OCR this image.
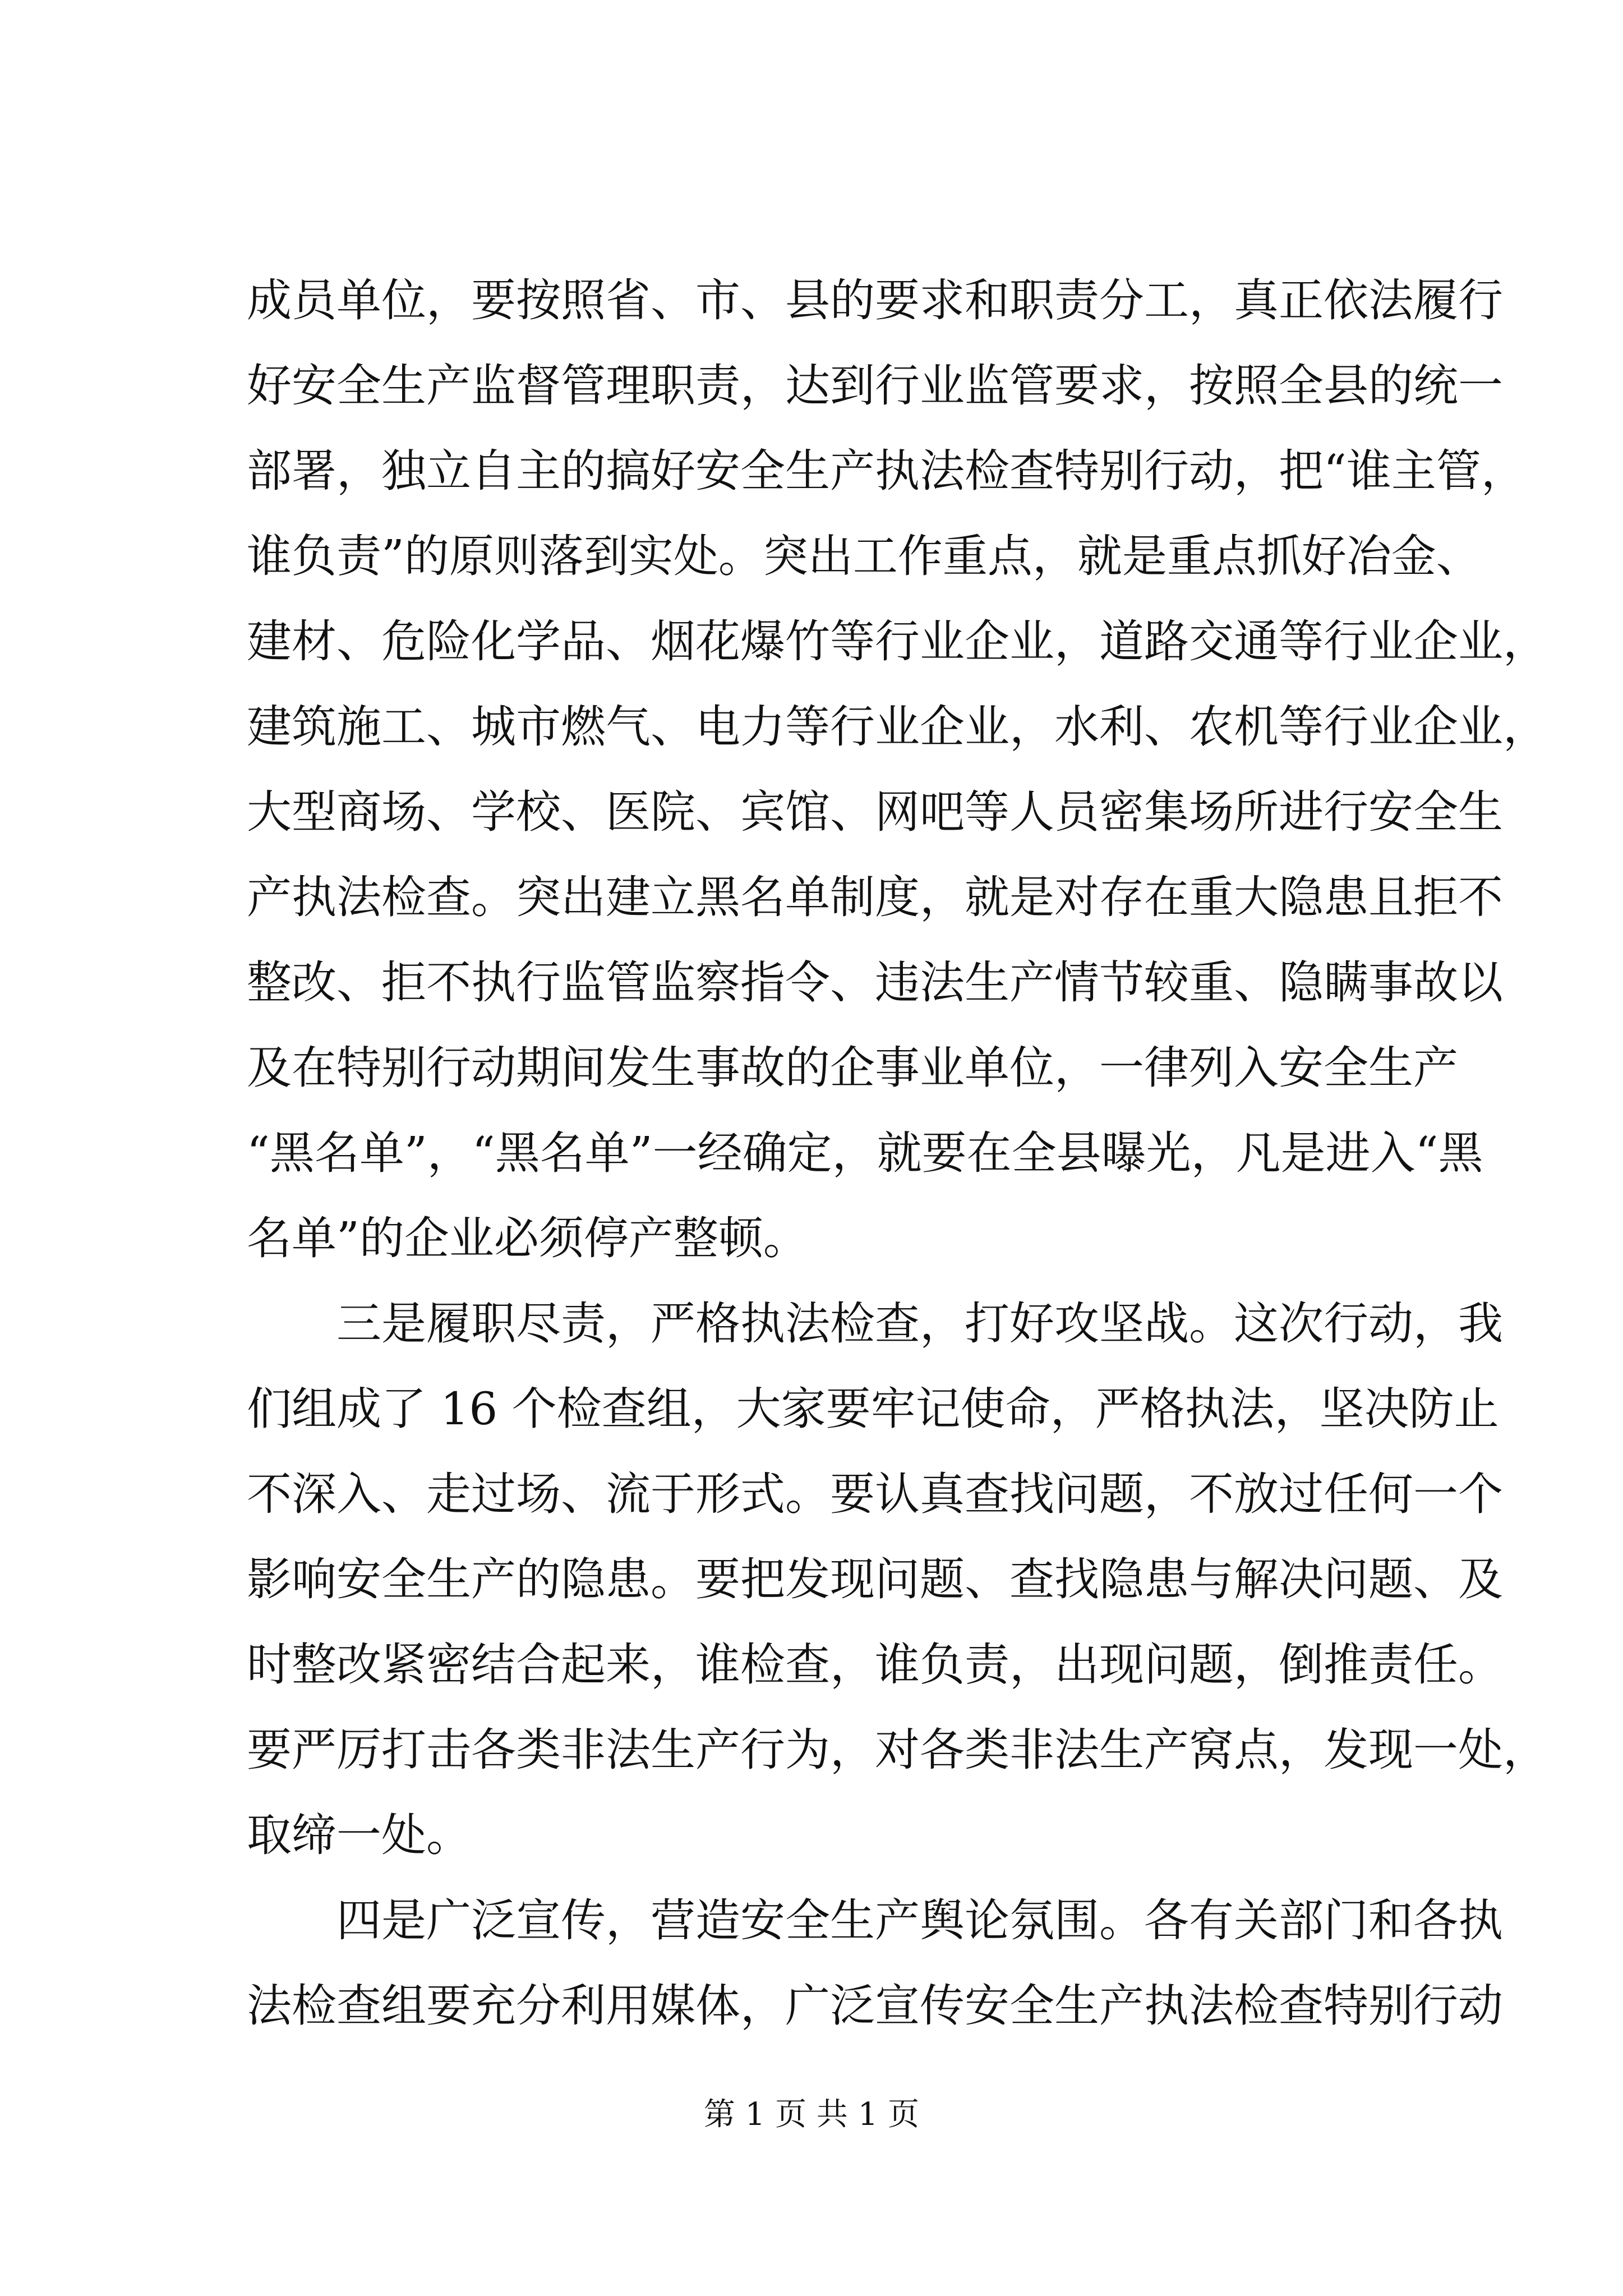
成员单位，要按照省、市、县的要求和职责分工，真正依法履行
好安全生产监督管理职责，达到行业监管要求，按照全县的统一
部署，独立自主的搞好安全生产执法检查特别行动，把“谁主管，
谁负责”的原则落到实处。突出工作重点，就是重点抓好冶金、
建材、危险化学品、烟花爆竹等行业企业，道路交通等行业企业，
建筑施工、城市燃气、电力等行业企业，水利、农机等行业企业，
大型商场、学校、医院、宾馆、网吧等人员密集场所进行安全生
产执法检查。突出建立黑名单制度，就是对存在重大隐患且拒不
整改、拒不执行监管监察指令、违法生产情节较重、隐瞒事故以
及在特别行动期间发生事故的企事业单位，一律列入安全生产
“黑名单”，“黑名单”一经确定，就要在全县曝光，凡是进入“黑
名单”的企业必须停产整顿。
　　三是履职尽责，严格执法检查，打好攻坚战。这次行动，我
们组成了 16 个检查组，大家要牢记使命，严格执法，坚决防止
不深入、走过场、流于形式。要认真查找问题，不放过任何一个
影响安全生产的隐患。要把发现问题、查找隐患与解决问题、及
时整改紧密结合起来，谁检查，谁负责，出现问题，倒推责任。
要严厉打击各类非法生产行为，对各类非法生产窝点，发现一处，
取缔一处。
　　四是广泛宣传，营造安全生产舆论氛围。各有关部门和各执
法检查组要充分利用媒体，广泛宣传安全生产执法检查特别行动
第 1 页 共 1 页
